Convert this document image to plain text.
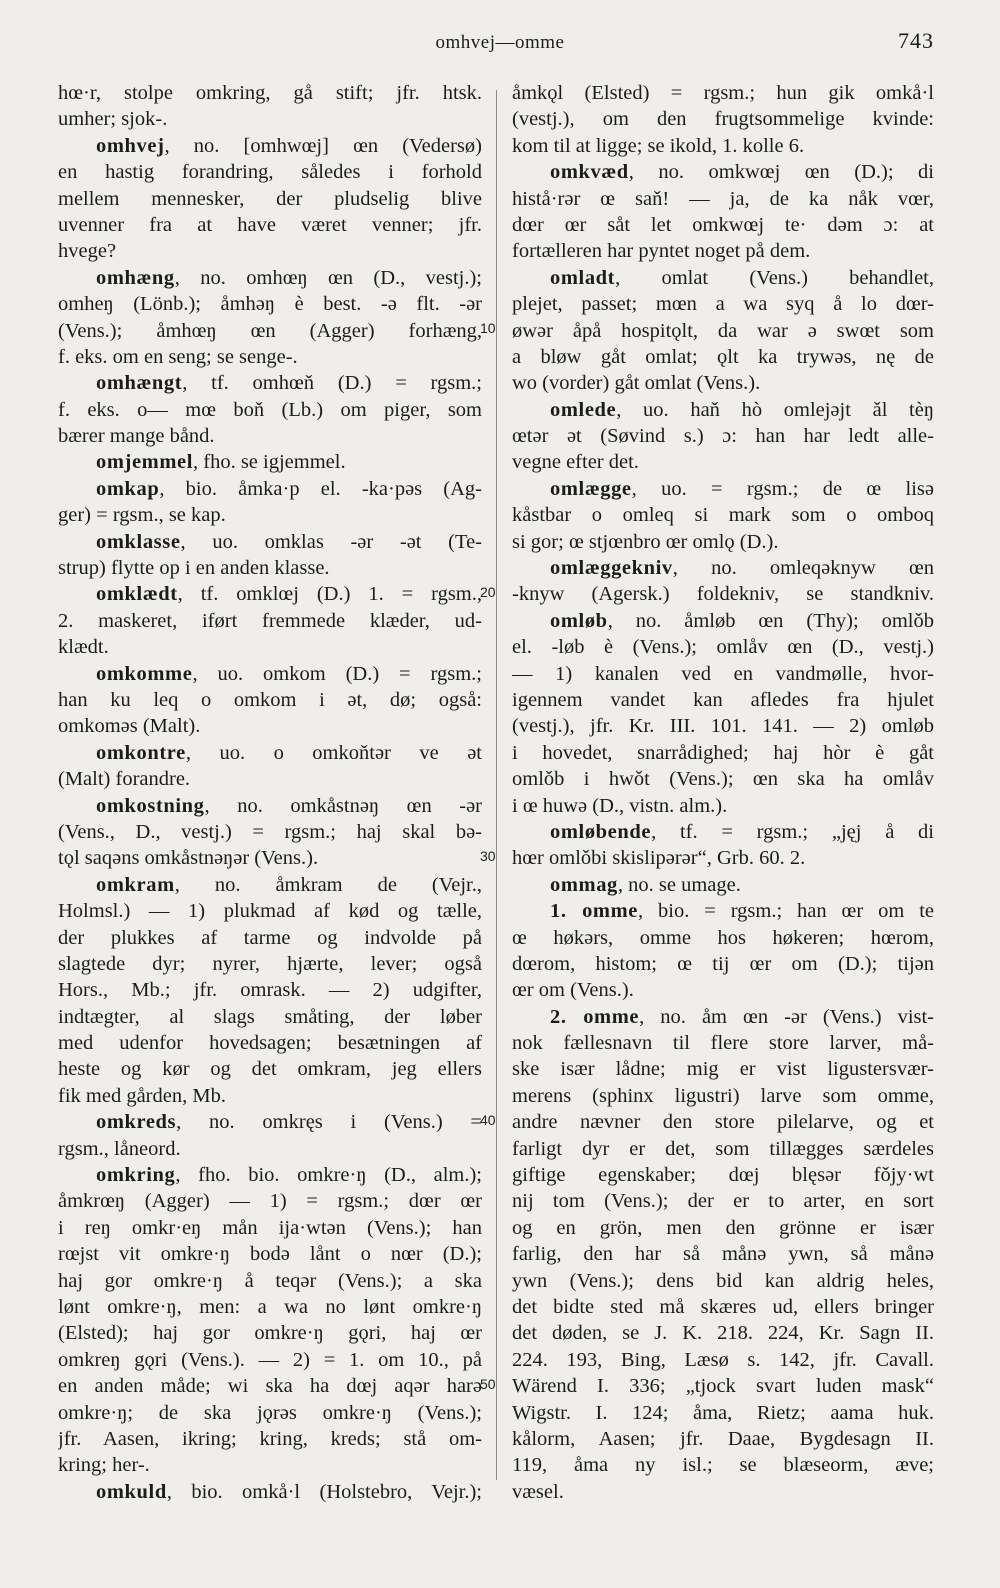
omhvej—omme	743
hœ·r, stolpe omkring, gå stift; jfr. htsk.
umher; sjok-.
omhvej, no. [omhwœj] œn (Vedersø)
en hastig forandring, således i forhold
mellem mennesker, der pludselig blive
uvenner fra at have været venner; jfr.
hvege?
omhæng, no. omhœŋ œn (D., vestj.);
omheŋ (Lönb.); åmhəŋ è best. -ə flt. -ər
(Vens.); åmhœŋ œn (Agger) forhæng,
f. eks. om en seng; se senge-.
omhængt, tf. omhœň (D.) = rgsm.;
f. eks. o— mœ boň (Lb.) om piger, som
bærer mange bånd.
omjemmel, fho. se igjemmel.
omkap, bio. åmka·p el. -ka·pəs (Ag-
ger) = rgsm., se kap.
omklasse, uo. omklas -ər -ət (Te-
strup) flytte op i en anden klasse.
omklædt, tf. omklœj (D.) 1. = rgsm.,
2. maskeret, iført fremmede klæder, ud-
klædt.
omkomme, uo. omkom (D.) = rgsm.;
han ku leq o omkom i ət, dø; også:
omkoməs (Malt).
omkontre, uo. o omkoňtər ve ət
(Malt) forandre.
omkostning, no. omkåstnəŋ œn -ər
(Vens., D., vestj.) = rgsm.; haj skal bə-
tǫl saqəns omkåstnəŋər (Vens.).
omkram, no. åmkram de (Vejr.,
Holmsl.) — 1) plukmad af kød og tælle,
der plukkes af tarme og indvolde på
slagtede dyr; nyrer, hjærte, lever; også
Hors., Mb.; jfr. omrask. — 2) udgifter,
indtægter, al slags småting, der løber
med udenfor hovedsagen; besætningen af
heste og kør og det omkram, jeg ellers
fik med gården, Mb.
omkreds, no. omkręs i (Vens.) =
rgsm., låneord.
omkring, fho. bio. omkre·ŋ (D., alm.);
åmkrœŋ (Agger) — 1) = rgsm.; dœr œr
i reŋ omkr·eŋ mån ija·wtən (Vens.); han
rœjst vit omkre·ŋ bodə lånt o nœr (D.);
haj gor omkre·ŋ å teqər (Vens.); a ska
lønt omkre·ŋ, men: a wa no lønt omkre·ŋ
(Elsted); haj gor omkre·ŋ gǫri, haj œr
omkreŋ gǫri (Vens.). — 2) = 1. om 10., på
en anden måde; wi ska ha dœj aqər harə
omkre·ŋ; de ska jǫrəs omkre·ŋ (Vens.);
jfr. Aasen, ikring; kring, kreds; stå om-
kring; her-.
omkuld, bio. omkå·l (Holstebro, Vejr.);
åmkǫl (Elsted) = rgsm.; hun gik omkå·l
(vestj.), om den frugtsommelige kvinde:
kom til at ligge; se ikold, 1. kolle 6.
omkvæd, no. omkwœj œn (D.); di
histå·rər œ saň! — ja, de ka nåk vœr,
dœr œr såt let omkwœj te· dəm ɔ: at
fortælleren har pyntet noget på dem.
omladt, omlat (Vens.) behandlet,
plejet, passet; mœn a wa syq å lo dœr-
øwər åpå hospitǫlt, da war ə swœt som
a bløw gåt omlat; ǫlt ka trywəs, nę de
wo (vorder) gåt omlat (Vens.).
omlede, uo. haň hò omlejǝjt ǎl tèŋ
œtər ət (Søvind s.) ɔ: han har ledt alle-
vegne efter det.
omlægge, uo. = rgsm.; de œ lisə
kåstbar o omleq si mark som o omboq
si gor; œ stjœnbro œr omlǫ (D.).
omlæggekniv, no. omleqəknyw œn
-knyw (Agersk.) foldekniv, se standkniv.
omløb, no. åmløb œn (Thy); omlǒb
el. -løb è (Vens.); omlåv œn (D., vestj.)
— 1) kanalen ved en vandmølle, hvor-
igennem vandet kan afledes fra hjulet
(vestj.), jfr. Kr. III. 101. 141. — 2) omløb
i hovedet, snarrådighed; haj hòr è gåt
omlǒb i hwǒt (Vens.); œn ska ha omlåv
i œ huwə (D., vistn. alm.).
omløbende, tf. = rgsm.; „jęj å di
hœr omlǒbi skislipərər“, Grb. 60. 2.
ommag, no. se umage.
1. omme, bio. = rgsm.; han œr om te
œ høkərs, omme hos høkeren; hœrom,
dœrom, histom; œ tij œr om (D.); tijən
œr om (Vens.).
2. omme, no. åm œn -ər (Vens.) vist-
nok fællesnavn til flere store larver, må-
ske især lådne; mig er vist ligustersvær-
merens (sphinx ligustri) larve som omme,
andre nævner den store pilelarve, og et
farligt dyr er det, som tillægges særdeles
giftige egenskaber; dœj blęsər fǒjy·wt
nij tom (Vens.); der er to arter, en sort
og en grön, men den grönne er især
farlig, den har så månə ywn, så månə
ywn (Vens.); dens bid kan aldrig heles,
det bidte sted må skæres ud, ellers bringer
det døden, se J. K. 218. 224, Kr. Sagn II.
224. 193, Bing, Læsø s. 142, jfr. Cavall.
Wärend I. 336; „tjock svart luden mask“
Wigstr. I. 124; åma, Rietz; aama huk.
kålorm, Aasen; jfr. Daae, Bygdesagn II.
119, åma ny isl.; se blæseorm, æve;
væsel.
10
20
30
40
50
